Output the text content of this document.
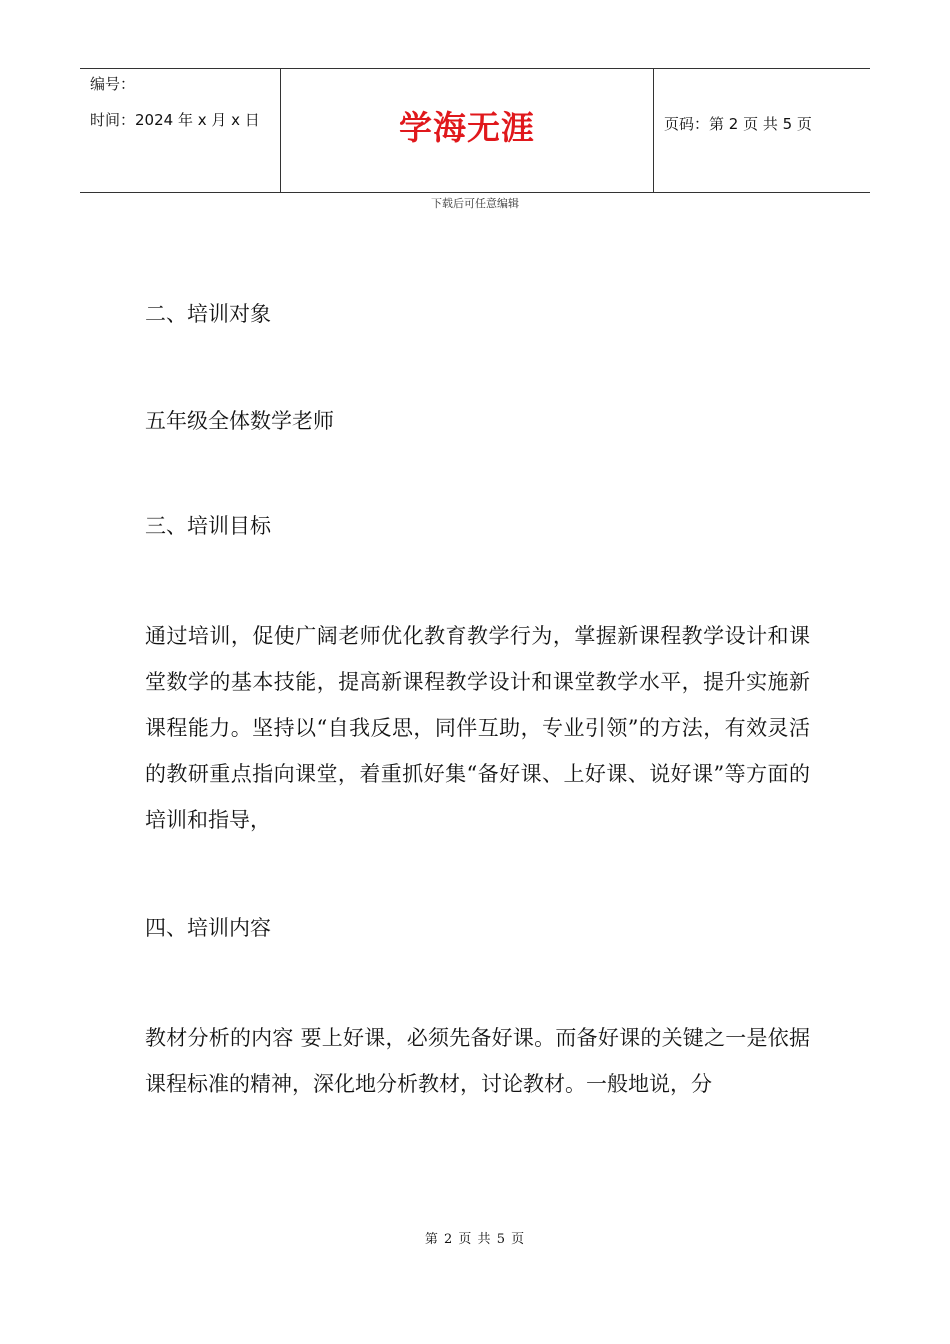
编号：
时间：2024 年 x 月 x 日	学海无涯	页码：第 2 页 共 5 页
下载后可任意编辑

二、培训对象

五年级全体数学老师

三、培训目标

通过培训，促使广阔老师优化教育教学行为，掌握新课程教学设计和课堂数学的基本技能，提高新课程教学设计和课堂教学水平，提升实施新课程能力。坚持以“自我反思，同伴互助，专业引领”的方法，有效灵活的教研重点指向课堂，着重抓好集“备好课、上好课、说好课”等方面的培训和指导，

四、培训内容

教材分析的内容 要上好课，必须先备好课。而备好课的关键之一是依据课程标准的精神，深化地分析教材，讨论教材。一般地说，分

第 2 页 共 5 页
